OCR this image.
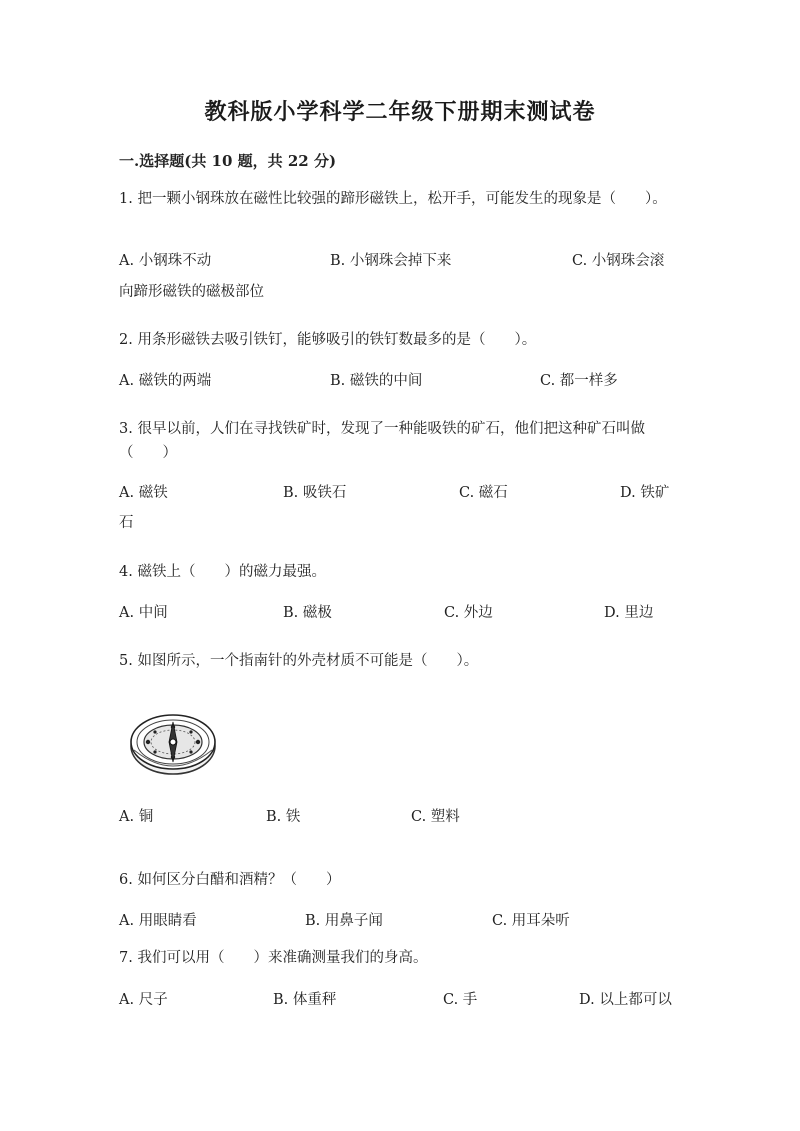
教科版小学科学二年级下册期末测试卷
一.选择题(共 10 题，共 22 分)
1. 把一颗小钢珠放在磁性比较强的蹄形磁铁上，松开手，可能发生的现象是（　　）。
A. 小钢珠不动	B. 小钢珠会掉下来	C. 小钢珠会滚
向蹄形磁铁的磁极部位
2. 用条形磁铁去吸引铁钉，能够吸引的铁钉数最多的是（　　）。
A. 磁铁的两端	B. 磁铁的中间	C. 都一样多
3. 很早以前，人们在寻找铁矿时，发现了一种能吸铁的矿石，他们把这种矿石叫做（　　）
A. 磁铁	B. 吸铁石	C. 磁石	D. 铁矿
石
4. 磁铁上（　　）的磁力最强。
A. 中间	B. 磁极	C. 外边	D. 里边
5. 如图所示，一个指南针的外壳材质不可能是（　　）。
A. 铜	B. 铁	C. 塑料
6. 如何区分白醋和酒精？（　　）
A. 用眼睛看	B. 用鼻子闻	C. 用耳朵听
7. 我们可以用（　　）来准确测量我们的身高。
A. 尺子	B. 体重秤	C. 手	D. 以上都可以
